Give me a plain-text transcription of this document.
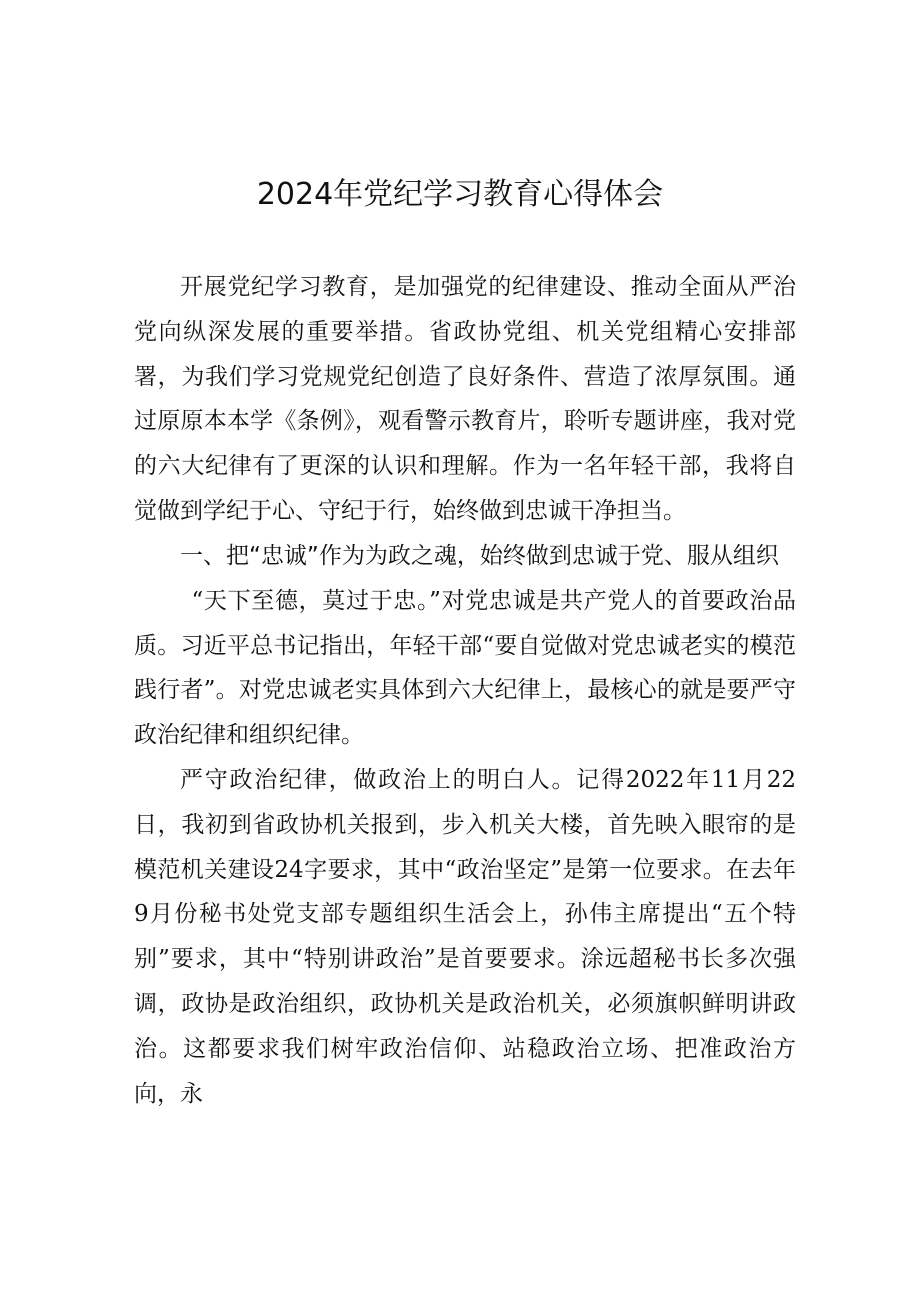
2024年党纪学习教育心得体会

开展党纪学习教育，是加强党的纪律建设、推动全面从严治党向纵深发展的重要举措。省政协党组、机关党组精心安排部署，为我们学习党规党纪创造了良好条件、营造了浓厚氛围。通过原原本本学《条例》，观看警示教育片，聆听专题讲座，我对党的六大纪律有了更深的认识和理解。作为一名年轻干部，我将自觉做到学纪于心、守纪于行，始终做到忠诚干净担当。

一、把“忠诚”作为为政之魂，始终做到忠诚于党、服从组织

“天下至德，莫过于忠。”对党忠诚是共产党人的首要政治品质。习近平总书记指出，年轻干部“要自觉做对党忠诚老实的模范践行者”。对党忠诚老实具体到六大纪律上，最核心的就是要严守政治纪律和组织纪律。

严守政治纪律，做政治上的明白人。记得2022年11月22日，我初到省政协机关报到，步入机关大楼，首先映入眼帘的是模范机关建设24字要求，其中“政治坚定”是第一位要求。在去年9月份秘书处党支部专题组织生活会上，孙伟主席提出“五个特别”要求，其中“特别讲政治”是首要要求。涂远超秘书长多次强调，政协是政治组织，政协机关是政治机关，必须旗帜鲜明讲政治。这都要求我们树牢政治信仰、站稳政治立场、把准政治方向，永
